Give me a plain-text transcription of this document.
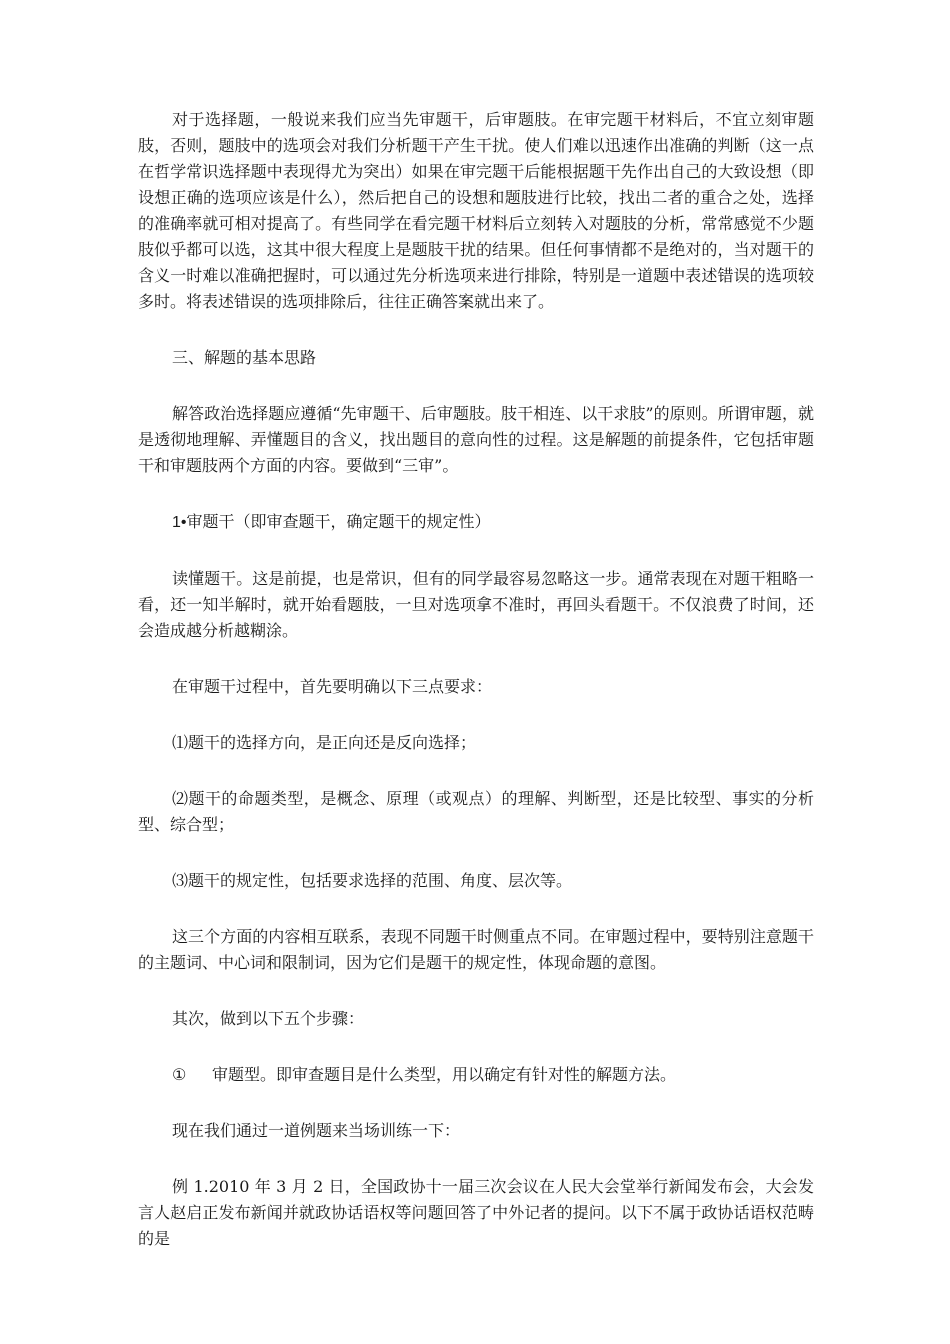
对于选择题，一般说来我们应当先审题干，后审题肢。在审完题干材料后，不宜立刻审题肢，否则，题肢中的选项会对我们分析题干产生干扰。使人们难以迅速作出准确的判断（这一点在哲学常识选择题中表现得尤为突出）如果在审完题干后能根据题干先作出自己的大致设想（即设想正确的选项应该是什么），然后把自己的设想和题肢进行比较，找出二者的重合之处，选择的准确率就可相对提高了。有些同学在看完题干材料后立刻转入对题肢的分析，常常感觉不少题肢似乎都可以选，这其中很大程度上是题肢干扰的结果。但任何事情都不是绝对的，当对题干的含义一时难以准确把握时，可以通过先分析选项来进行排除，特别是一道题中表述错误的选项较多时。将表述错误的选项排除后，往往正确答案就出来了。

三、解题的基本思路

解答政治选择题应遵循“先审题干、后审题肢。肢干相连、以干求肢”的原则。所谓审题，就是透彻地理解、弄懂题目的含义，找出题目的意向性的过程。这是解题的前提条件，它包括审题干和审题肢两个方面的内容。要做到“三审”。

1•审题干（即审查题干，确定题干的规定性）

读懂题干。这是前提，也是常识，但有的同学最容易忽略这一步。通常表现在对题干粗略一看，还一知半解时，就开始看题肢，一旦对选项拿不准时，再回头看题干。不仅浪费了时间，还会造成越分析越糊涂。

在审题干过程中，首先要明确以下三点要求：

⑴题干的选择方向，是正向还是反向选择；

⑵题干的命题类型，是概念、原理（或观点）的理解、判断型，还是比较型、事实的分析型、综合型；

⑶题干的规定性，包括要求选择的范围、角度、层次等。

这三个方面的内容相互联系，表现不同题干时侧重点不同。在审题过程中，要特别注意题干的主题词、中心词和限制词，因为它们是题干的规定性，体现命题的意图。

其次，做到以下五个步骤：

① 审题型。即审查题目是什么类型，用以确定有针对性的解题方法。

现在我们通过一道例题来当场训练一下：

例 1.2010 年 3 月 2 日，全国政协十一届三次会议在人民大会堂举行新闻发布会，大会发言人赵启正发布新闻并就政协话语权等问题回答了中外记者的提问。以下不属于政协话语权范畴的是
